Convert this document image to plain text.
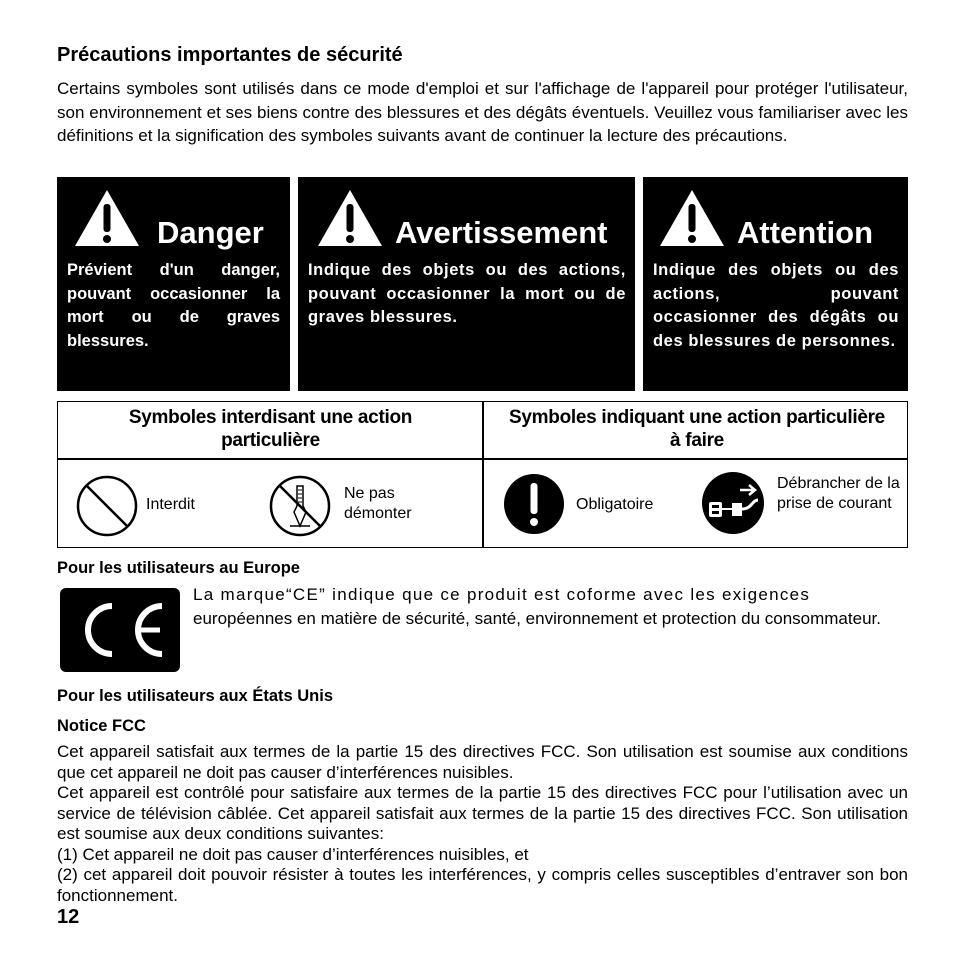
Précautions importantes de sécurité
Certains symboles sont utilisés dans ce mode d'emploi et sur l'affichage de l'appareil pour protéger l'utilisateur, son environnement et ses biens contre des blessures et des dégâts éventuels. Veuillez vous familiariser avec les définitions et la signification des symboles suivants avant de continuer la lecture des précautions.
Danger
Prévient d'un danger, pouvant occasionner la mort ou de graves blessures.
Avertissement
Indique des objets ou des actions, pouvant occasionner la mort ou de graves blessures.
Attention
Indique des objets ou des actions, pouvant occasionner des dégâts ou des blessures de personnes.
Symboles interdisant une action particulière
Symboles indiquant une action particulière à faire
Interdit
Ne pas démonter
Obligatoire
Débrancher de la prise de courant
Pour les utilisateurs au Europe
La marque“CE” indique que ce produit est coforme avec les exigences
européennes en matière de sécurité, santé, environnement et protection du consommateur.
Pour les utilisateurs aux États Unis
Notice FCC

Cet appareil satisfait aux termes de la partie 15 des directives FCC. Son utilisation est soumise aux conditions que cet appareil ne doit pas causer d’interférences nuisibles.

Cet appareil est contrôlé pour satisfaire aux termes de la partie 15 des directives FCC pour l’utilisation avec un service de télévision câblée. Cet appareil satisfait aux termes de la partie 15 des directives FCC. Son utilisation est soumise aux deux conditions suivantes:

(1) Cet appareil ne doit pas causer d’interférences nuisibles, et

(2) cet appareil doit pouvoir résister à toutes les interférences, y compris celles susceptibles d’entraver son bon fonctionnement.

12
